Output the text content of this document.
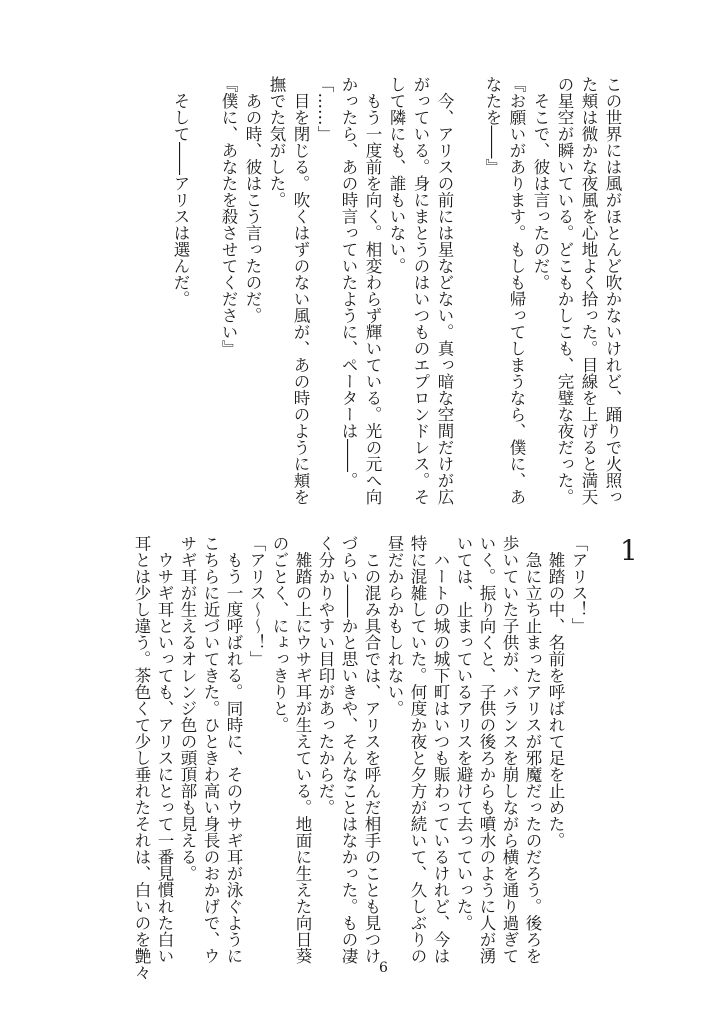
この世界には風がほとんど吹かないけれど、踊りで火照っ
た頬は微かな夜風を心地よく拾った。目線を上げると満天
の星空が瞬いている。どこもかしこも、完璧な夜だった。
　そこで、彼は言ったのだ。
『お願いがあります。もしも帰ってしまうなら、僕に、あ
なたを――』
　今、アリスの前には星などない。真っ暗な空間だけが広
がっている。身にまとうのはいつものエプロンドレス。そ
して隣にも、誰もいない。
　もう一度前を向く。相変わらず輝いている。光の元へ向
かったら、あの時言っていたように、ペーターは――。
「……」
　目を閉じる。吹くはずのない風が、あの時のように頬を
撫でた気がした。
　あの時、彼はこう言ったのだ。
『僕に、あなたを殺させてください』
　そして――アリスは選んだ。
1
「アリス！」
　雑踏の中、名前を呼ばれて足を止めた。
　急に立ち止まったアリスが邪魔だったのだろう。後ろを
歩いていた子供が、バランスを崩しながら横を通り過ぎて
いく。振り向くと、子供の後ろからも噴水のように人が湧
いては、止まっているアリスを避けて去っていった。
　ハートの城の城下町はいつも賑わっているけれど、今は
特に混雑していた。何度か夜と夕方が続いて、久しぶりの
昼だからかもしれない。
　この混み具合では、アリスを呼んだ相手のことも見つけ
づらい――かと思いきや、そんなことはなかった。もの凄
く分かりやすい目印があったからだ。
　雑踏の上にウサギ耳が生えている。地面に生えた向日葵
のごとく、にょっきりと。
「アリス～～！」
　もう一度呼ばれる。同時に、そのウサギ耳が泳ぐように
こちらに近づいてきた。ひときわ高い身長のおかげで、ウ
サギ耳が生えるオレンジ色の頭頂部も見える。
　ウサギ耳といっても、アリスにとって一番見慣れた白い
耳とは少し違う。茶色くて少し垂れたそれは、白いのを艶々	6
